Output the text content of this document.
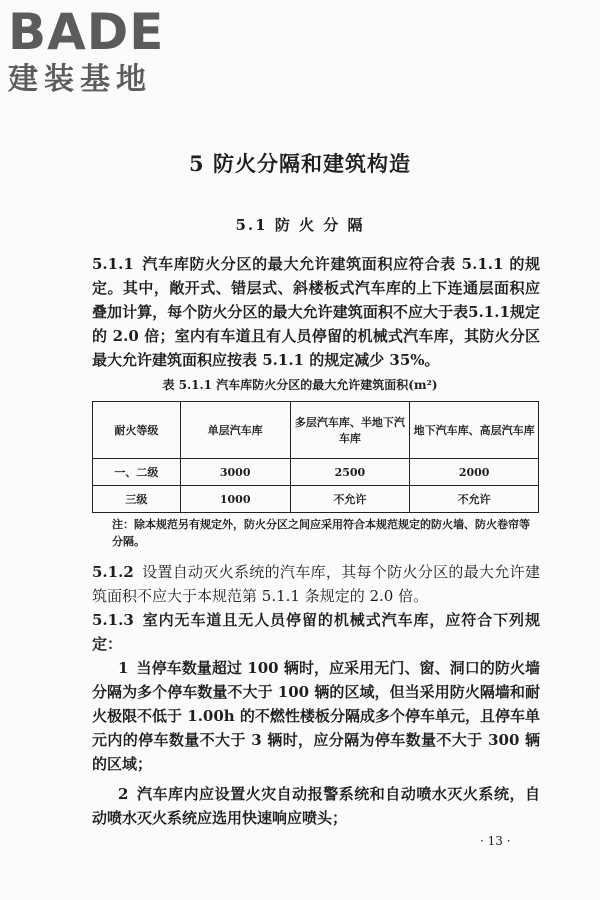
BADE
建装基地
5 防火分隔和建筑构造
5.1 防 火 分 隔
5.1.1 汽车库防火分区的最大允许建筑面积应符合表 5.1.1 的规定。其中，敞开式、错层式、斜楼板式汽车库的上下连通层面积应叠加计算，每个防火分区的最大允许建筑面积不应大于表5.1.1规定的 2.0 倍；室内有车道且有人员停留的机械式汽车库，其防火分区最大允许建筑面积应按表 5.1.1 的规定减少 35%。
表 5.1.1 汽车库防火分区的最大允许建筑面积(m²)
耐火等级	单层汽车库	多层汽车库、半地下汽车库	地下汽车库、高层汽车库
一、二级	3000	2500	2000
三级	1000	不允许	不允许
注：除本规范另有规定外，防火分区之间应采用符合本规范规定的防火墙、防火卷帘等分隔。
5.1.2 设置自动灭火系统的汽车库，其每个防火分区的最大允许建筑面积不应大于本规范第 5.1.1 条规定的 2.0 倍。
5.1.3 室内无车道且无人员停留的机械式汽车库，应符合下列规定：
1 当停车数量超过 100 辆时，应采用无门、窗、洞口的防火墙分隔为多个停车数量不大于 100 辆的区域，但当采用防火隔墙和耐火极限不低于 1.00h 的不燃性楼板分隔成多个停车单元，且停车单元内的停车数量不大于 3 辆时，应分隔为停车数量不大于 300 辆的区域；
2 汽车库内应设置火灾自动报警系统和自动喷水灭火系统，自动喷水灭火系统应选用快速响应喷头；
· 13 ·
